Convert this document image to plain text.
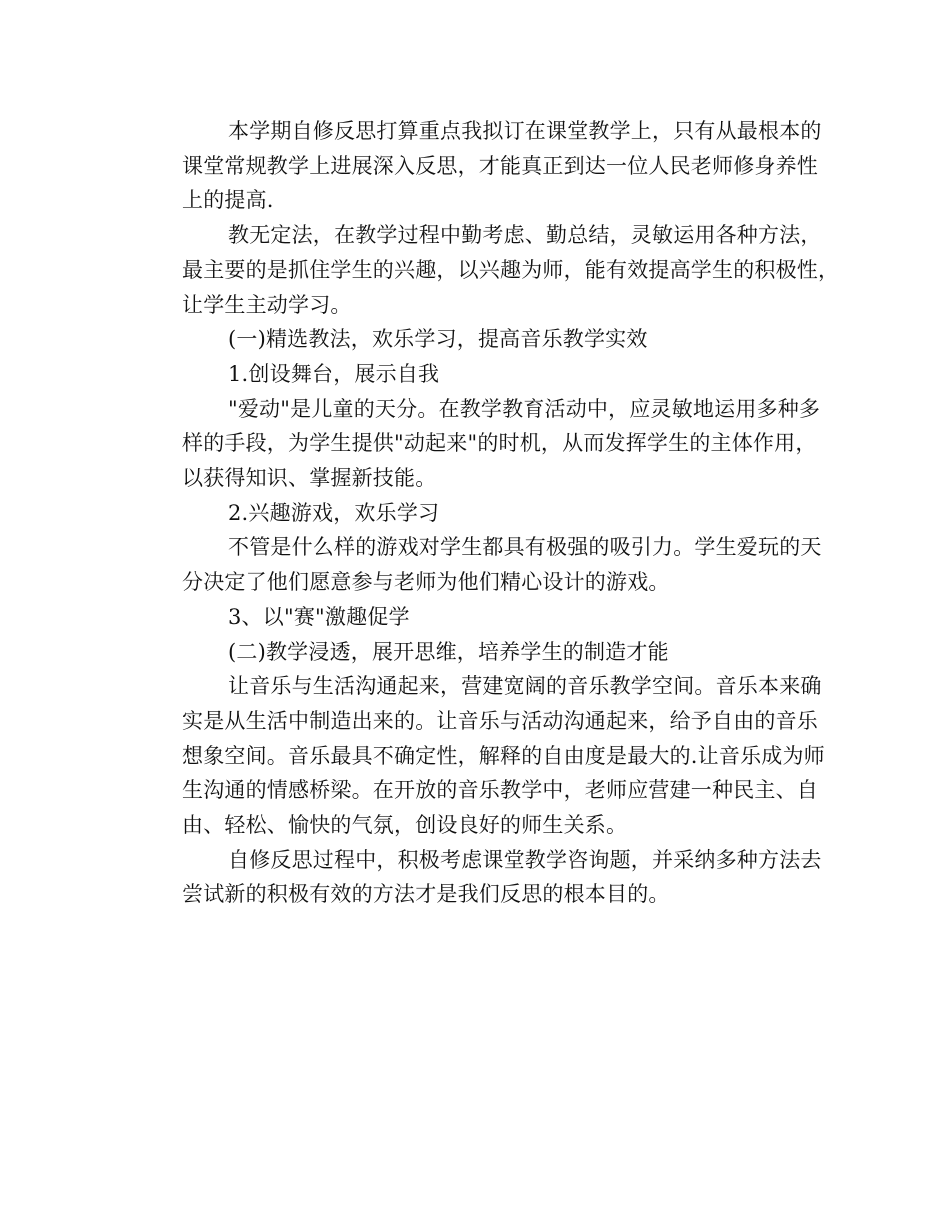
本学期自修反思打算重点我拟订在课堂教学上，只有从最根本的
课堂常规教学上进展深入反思，才能真正到达一位人民老师修身养性
上的提高.

教无定法，在教学过程中勤考虑、勤总结，灵敏运用各种方法，
最主要的是抓住学生的兴趣，以兴趣为师，能有效提高学生的积极性，
让学生主动学习。

(一)精选教法，欢乐学习，提高音乐教学实效

1.创设舞台，展示自我

"爱动"是儿童的天分。在教学教育活动中，应灵敏地运用多种多
样的手段，为学生提供"动起来"的时机，从而发挥学生的主体作用，
以获得知识、掌握新技能。

2.兴趣游戏，欢乐学习

不管是什么样的游戏对学生都具有极强的吸引力。学生爱玩的天
分决定了他们愿意参与老师为他们精心设计的游戏。

3、以"赛"激趣促学

(二)教学浸透，展开思维，培养学生的制造才能

让音乐与生活沟通起来，营建宽阔的音乐教学空间。音乐本来确
实是从生活中制造出来的。让音乐与活动沟通起来，给予自由的音乐
想象空间。音乐最具不确定性，解释的自由度是最大的.让音乐成为师
生沟通的情感桥梁。在开放的音乐教学中，老师应营建一种民主、自
由、轻松、愉快的气氛，创设良好的师生关系。

自修反思过程中，积极考虑课堂教学咨询题，并采纳多种方法去
尝试新的积极有效的方法才是我们反思的根本目的。
